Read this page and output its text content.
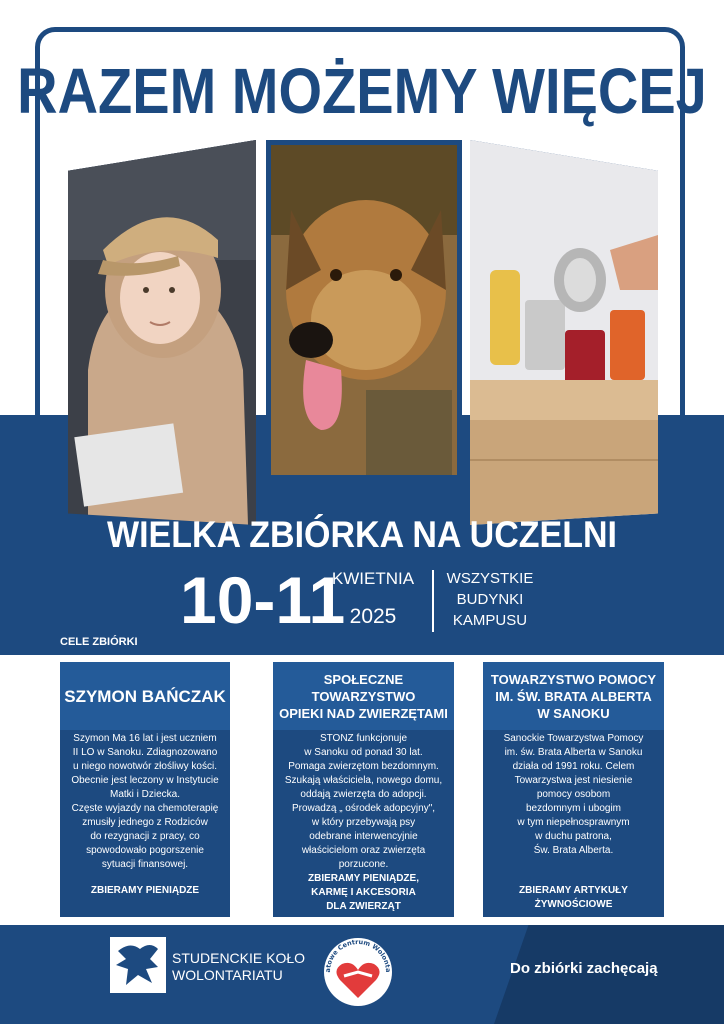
RAZEM MOŻEMY WIĘCEJ
WIELKA ZBIÓRKA NA UCZELNI
10-11
KWIETNIA
2025
WSZYSTKIE
BUDYNKI
KAMPUSU
CELE ZBIÓRKI
SZYMON BAŃCZAK
Szymon Ma 16 lat i jest uczniem
II LO w Sanoku. Zdiagnozowano
u niego nowotwór złośliwy kości.
Obecnie jest leczony w Instytucie
Matki i Dziecka.
Częste wyjazdy na chemoterapię
zmusiły jednego z Rodziców
do rezygnacji z pracy, co
spowodowało pogorszenie
sytuacji finansowej.
ZBIERAMY PIENIĄDZE
SPOŁECZNE
TOWARZYSTWO
OPIEKI NAD ZWIERZĘTAMI
STONZ funkcjonuje
w Sanoku od ponad 30 lat.
Pomaga zwierzętom bezdomnym.
Szukają właściciela, nowego domu,
oddają zwierzęta do adopcji.
Prowadzą „ ośrodek adopcyjny",
w który przebywają psy
odebrane interwencyjnie
właścicielom oraz zwierzęta
porzucone.
ZBIERAMY PIENIĄDZE,
KARMĘ I AKCESORIA
DLA ZWIERZĄT
TOWARZYSTWO POMOCY
IM. ŚW. BRATA ALBERTA
W SANOKU
Sanockie Towarzystwa Pomocy
im. św. Brata Alberta w Sanoku
działa od 1991 roku. Celem
Towarzystwa jest niesienie
pomocy osobom
bezdomnym i ubogim
w tym niepełnosprawnym
w duchu patrona,
Św. Brata Alberta.
ZBIERAMY ARTYKUŁY
ŻYWNOŚCIOWE
STUDENCKIE KOŁO
WOLONTARIATU	atowe Centrum Wolonta	Do zbiórki zachęcają
